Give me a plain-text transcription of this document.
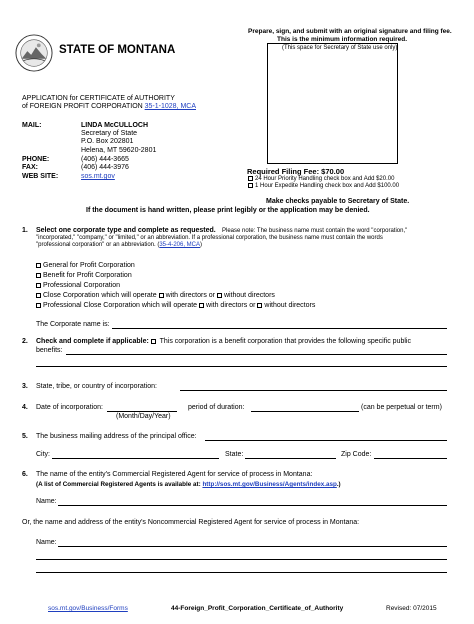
STATE OF MONTANA
Prepare, sign, and submit with an original signature and filing fee.
This is the minimum information required.
(This space for Secretary of State use only)
APPLICATION for CERTIFICATE of AUTHORITY
of FOREIGN PROFIT CORPORATION 35-1-1028, MCA
MAIL:	LINDA McCULLOCH
Secretary of State
P.O. Box 202801
Helena, MT 59620-2801
PHONE:	(406) 444-3665
FAX:	(406) 444-3976
WEB SITE:	sos.mt.gov
Required Filing Fee: $70.00
24 Hour Priority Handling check box and Add $20.00
1 Hour Expedite Handling check box and Add $100.00
Make checks payable to Secretary of State.
If the document is hand written, please print legibly or the application may be denied.
1. Select one corporate type and complete as requested. Please note: The business name must contain the word "corporation,"
"incorporated," "company," or "limited," or an abbreviation. If a professional corporation, the business name must contain the words
"professional corporation" or an abbreviation. (35-4-206, MCA)
General for Profit Corporation
Benefit for Profit Corporation
Professional Corporation
Close Corporation which will operate with directors or without directors
Professional Close Corporation which will operate with directors or without directors
The Corporate name is:
2. Check and complete if applicable: This corporation is a benefit corporation that provides the following specific public
benefits:
3. State, tribe, or country of incorporation:
4. Date of incorporation:	period of duration:	(can be perpetual or term)
(Month/Day/Year)
5. The business mailing address of the principal office:
City:	State:	Zip Code:
6. The name of the entity's Commercial Registered Agent for service of process in Montana:
(A list of Commercial Registered Agents is available at: http://sos.mt.gov/Business/Agents/index.asp.)
Name:
Or, the name and address of the entity's Noncommercial Registered Agent for service of process in Montana:
Name:
sos.mt.gov/Business/Forms	44-Foreign_Profit_Corporation_Certificate_of_Authority	Revised: 07/2015
